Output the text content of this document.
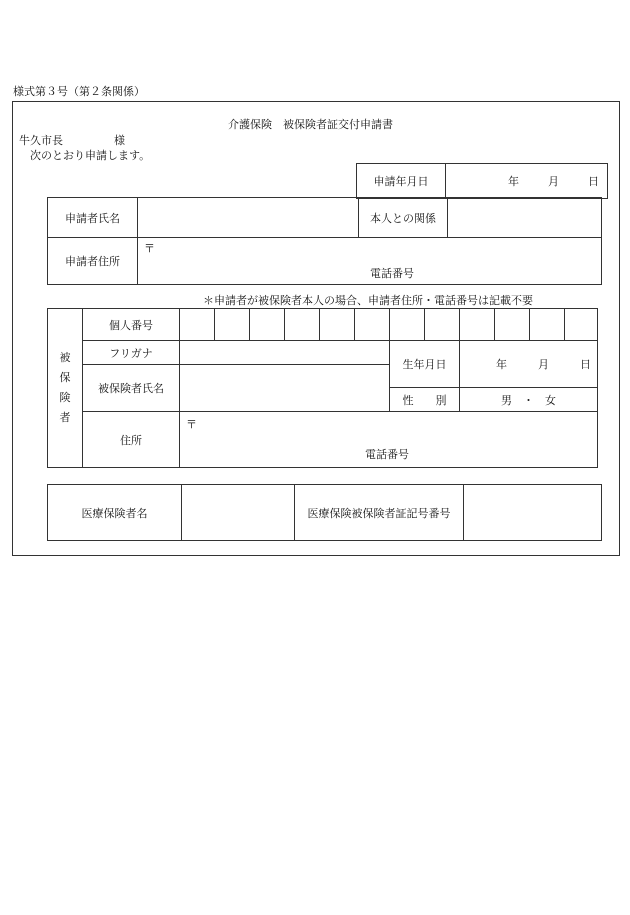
様式第３号（第２条関係）
介護保険　被保険者証交付申請書
牛久市長	様
次のとおり申請します。
申請年月日	年	月	日
申請者氏名		本人との関係	
申請者住所	〒
電話番号		
＊申請者が被保険者本人の場合、申請者住所・電話番号は記載不要
被
保
険
者	個人番号												
	フリガナ							生年月日		年 月 日			
	被保険者氏名												
								性　　別		男　・　女			
	住所	〒
電話番号											
医療保険者名		医療保険被保険者証記号番号	
